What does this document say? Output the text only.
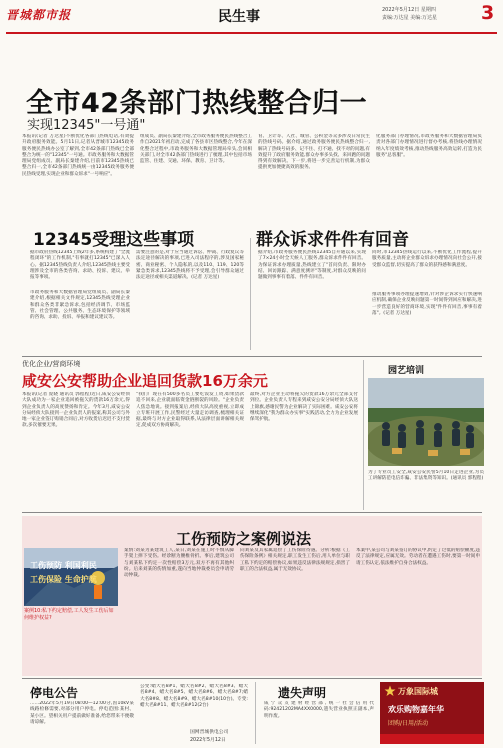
晋城都市报	民生事	2022年5月12日 星期四
责编:万达星 美编:万达星 3
全市42条部门热线整合归一
实现12345"一号通"
本报讯(记者 万达星)不断优化各部门热线电话,有效提升政府服务效能。5月11日,记者从晋城市12345政务服务便民热线办公室了解到,全市42条部门热线已全部整合为统一的"12345"一号通。市政务服务和大数据管理局党组成员、副局长秦建介绍,目前市12345热线已整合归一,全市42条部门热线统一由12345政务服务便民热线受理,实现企业和群众诉求"一号响应"。
组成员、副局长秦建介绍,全市政务服务便民热线整合工作自2021年初启动,完成了各县市区热线整合,今年在深化整合过程中,市政务服务和大数据管理局牵头,会同相关部门,对全市42条部门热线进行了梳理,其中包括市场监管、住建、交通、环保、教育、卫计等。
育、卫计等、人社、城管、公积金等众多涉及日常民生的热线号码。据介绍,通过政务服务便民热线整合归一,解决了热线号码多、记不住、打不通、找不对的问题,有效提升了政府服务效能,群众办事多头找、来回跑的问题得到有效解决。下一步,将进一步完善运行机制,为群众提供更加便捷高效的服务。
化服务部门办理情况,市政务服务和大数据管理局负责对各部门办理情况进行督办考核,将热线办理情况纳入年度绩效考核,推动热线服务高效运转,打造为民服务"总客服"。
12345受理这些事项
据市政府热线12345上线2年多,系统构建了"全流程闭环"的工作机制,"有事就打12345"已深入人心。据12345热线负责人介绍,12345热线主要受理涉及全市的各类咨询、求助、投诉、建议、举报等事项。
市政务服务和大数据管理局党组成员、副局长秦建介绍,根据相关文件规定,12345热线受理企业和群众各类非紧急诉求,包括经济调节、市场监管、社会管理、公共服务、生态环境保护等领域的咨询、求助、投诉、举报和建议建议等。
需要注意的是,对于应当通过诉讼、仲裁、行政复议等法定途径解决的事项,已进入司法程序的,涉及国家秘密、商业秘密、个人隐私的,以及110、119、120等紧急类诉求,12345热线将不予受理,会引导群众通过法定途径或相关渠道解决。(记者 万达星)
群众诉求件件有回音
据介绍,市政务服务便民热线12345自开通以来,实现了7×24小时全天候人工服务,群众诉求件件有回音。为保证诉求办理质量,热线建立了"首问负责、限时办结、回访跟踪、满意度测评"等制度,对群众反映的问题做到事事有着落、件件有回音。
同时,市12345热线运行以来,不断优化工作流程,提升服务质量,主动将企业群众诉求办理情况向社会公开,接受群众监督,切实提高了群众的获得感和满意度。
推动服务事项办理提速增效,针对涉企诉求实行快速响应机制,确保企业反映问题第一时间得到回应和解决,进一步营造良好的营商环境,实现"件件有回音,事事有着落"。(记者 万达星)
优化企业/营商环境
咸安公安帮助企业追回货款16万余元
本报讯(记者 庞晓 通讯员 郭程程)近日,咸安公安经侦大队成功为一家企业追回被拖欠的货款16万余元,得到企业负责人的高度赞扬和肯定。今年3月,咸安公安分局经侦大队接到一企业负责人的报案,称其公司与外地一家企业签订购销合同后,对方收货后迟迟不支付货款,多次催要无果。
"我们厂现在有500多名员工要吃饭发工资,如果货款追不回来,企业就面临资金链断裂的风险。"企业负责人焦急地说。接到报案后,经侦大队高度重视,立即成立专班开展工作,民警经过大量走访调查,梳理相关证据,最终与对方企业取得联系,从法律层面讲解相关规定,促成双方协商解决。
最终,对方企业主动将拖欠的货款16万余元全部支付到位。企业负责人专程来到咸安公安分局经侦大队送上锦旗,感谢民警为企业解决了实际困难。咸安公安将继续深化"我为群众办实事"实践活动,全力为企业发展保驾护航。
园艺培训
为了专业员工安全,咸安公安民警5月10日走进企业,为员工讲解防范电信诈骗、非法集资等知识。(通讯员 郭程程)
工伤预防之案例说法
工伤预防 利国利民
工伤保险 生命护航
案例10:私下约定赔偿,工人发生工伤后如何维护权益?
案情:刘某为某建筑工人,某日,刘某在施工时不慎从脚手架上摔下受伤。经诊断为腰椎骨折。事后,建筑公司与刘某私下约定一次性赔偿3万元,双方不再有其他纠纷。后来刘某的伤情加重,遂向当地仲裁委员会申请劳动仲裁。
向刘某及其家属追偿了工伤保险待遇。分析:根据《工伤保险条例》相关规定,职工发生工伤后,用人单位与职工私下约定的赔偿协议,如果违反法律法规规定,损害了职工的合法权益,属于无效协议。
本案中,某公司与刘某签订的协议中,约定了过低的赔偿额度,违反了法律规定,应属无效。劳动者在遭遇工伤时,要第一时间申请工伤认定,依法维护自身合法权益。
停电公告
……2022年5月19日08:00—12:00分,因10kV某线路检修需要,对部分用户停电。停电范围:某村、某小区。望相关用户提前做好准备,给您带来不便敬请谅解。
公变:蜡大名8#1、蜡大名8#2、蜡大名8#3、蜡大名8#4、蜡大名8#5、蜡大名8#6、蜡大名8#7;蜡大名8#8、蜡大名8#9、蜡大名8#10(10台)。专变:蜡大名8#11、蜡大名8#12(2台)
国网晋城供电公司
2022年5月12日
遗失声明
咸宁众友建材经营部,统一社会信用代码:92421202MA4XX0000,遗失营业执照正副本,声明作废。
万象国际城
欢乐购物嘉年华
团购/日用/活动
